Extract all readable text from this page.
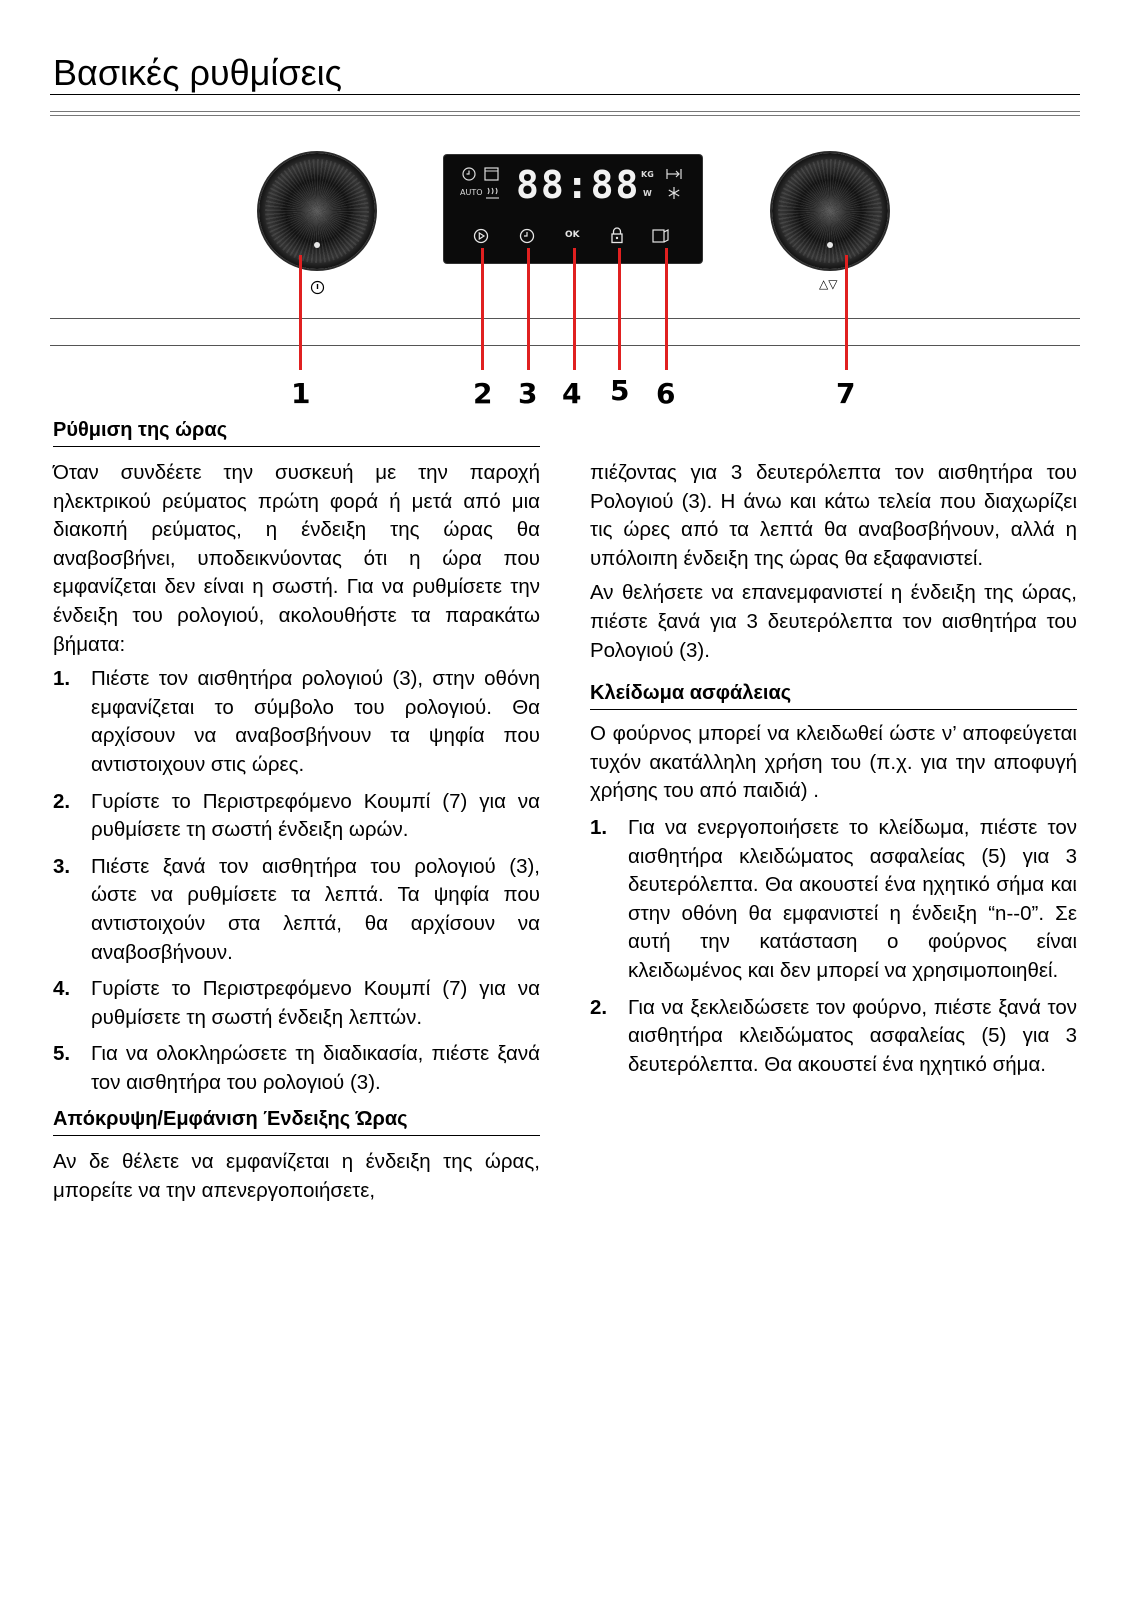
Βασικές ρυθμίσεις
AUTO 88:88 KG
W
OK
△▽
1	2 3 4 5 6	7
Ρύθμιση της ώρας

Όταν συνδέετε την συσκευή με την παροχή ηλεκτρικού ρεύματος πρώτη φορά ή μετά από μια διακοπή ρεύματος, η ένδειξη της ώρας θα αναβοσβήνει, υποδεικνύοντας ότι η ώρα που εμφανίζεται δεν είναι η σωστή. Για να ρυθμίσετε την ένδειξη του ρολογιού, ακολουθήστε τα παρακάτω βήματα:

1.	Πιέστε τον αισθητήρα ρολογιού (3), στην οθόνη εμφανίζεται το σύμβολο του ρολογιού. Θα αρχίσουν να αναβοσβήνουν τα ψηφία που αντιστοιχουν στις ώρες.
2.	Γυρίστε το Περιστρεφόμενο Κουμπί (7) για να ρυθμίσετε τη σωστή ένδειξη ωρών.
3.	Πιέστε ξανά τον αισθητήρα του ρολογιού (3), ώστε να ρυθμίσετε τα λεπτά. Τα ψηφία που αντιστοιχούν στα λεπτά, θα αρχίσουν να αναβοσβήνουν.
4.	Γυρίστε το Περιστρεφόμενο Κουμπί (7) για να ρυθμίσετε τη σωστή ένδειξη λεπτών.
5.	Για να ολοκληρώσετε τη διαδικασία, πιέστε ξανά τον αισθητήρα του ρολογιού (3).
Απόκρυψη/Εμφάνιση Ένδειξης Ώρας

Αν δε θέλετε να εμφανίζεται η ένδειξη της ώρας, μπορείτε να την απενεργοποιήσετε,

πιέζοντας για 3 δευτερόλεπτα τον αισθητήρα του Ρολογιού (3). Η άνω και κάτω τελεία που διαχωρίζει τις ώρες από τα λεπτά θα αναβοσβήνουν, αλλά η υπόλοιπη ένδειξη της ώρας θα εξαφανιστεί.

Αν θελήσετε να επανεμφανιστεί η ένδειξη της ώρας, πιέστε ξανά για 3 δευτερόλεπτα τον αισθητήρα του Ρολογιού (3).

Κλείδωμα ασφάλειας

Ο φούρνος μπορεί να κλειδωθεί ώστε ν’ αποφεύγεται τυχόν ακατάλληλη χρήση του (π.χ. για την αποφυγή χρήσης του από παιδιά) .

1.	Για να ενεργοποιήσετε το κλείδωμα, πιέστε τον αισθητήρα κλειδώματος ασφαλείας (5) για 3 δευτερόλεπτα. Θα ακουστεί ένα ηχητικό σήμα και στην οθόνη θα εμφανιστεί η ένδειξη “n--0”. Σε αυτή την κατάσταση ο φούρνος είναι κλειδωμένος και δεν μπορεί να χρησιμοποιηθεί.
2.	Για να ξεκλειδώσετε τον φούρνο, πιέστε ξανά τον αισθητήρα κλειδώματος ασφαλείας (5) για 3 δευτερόλεπτα. Θα ακουστεί ένα ηχητικό σήμα.
